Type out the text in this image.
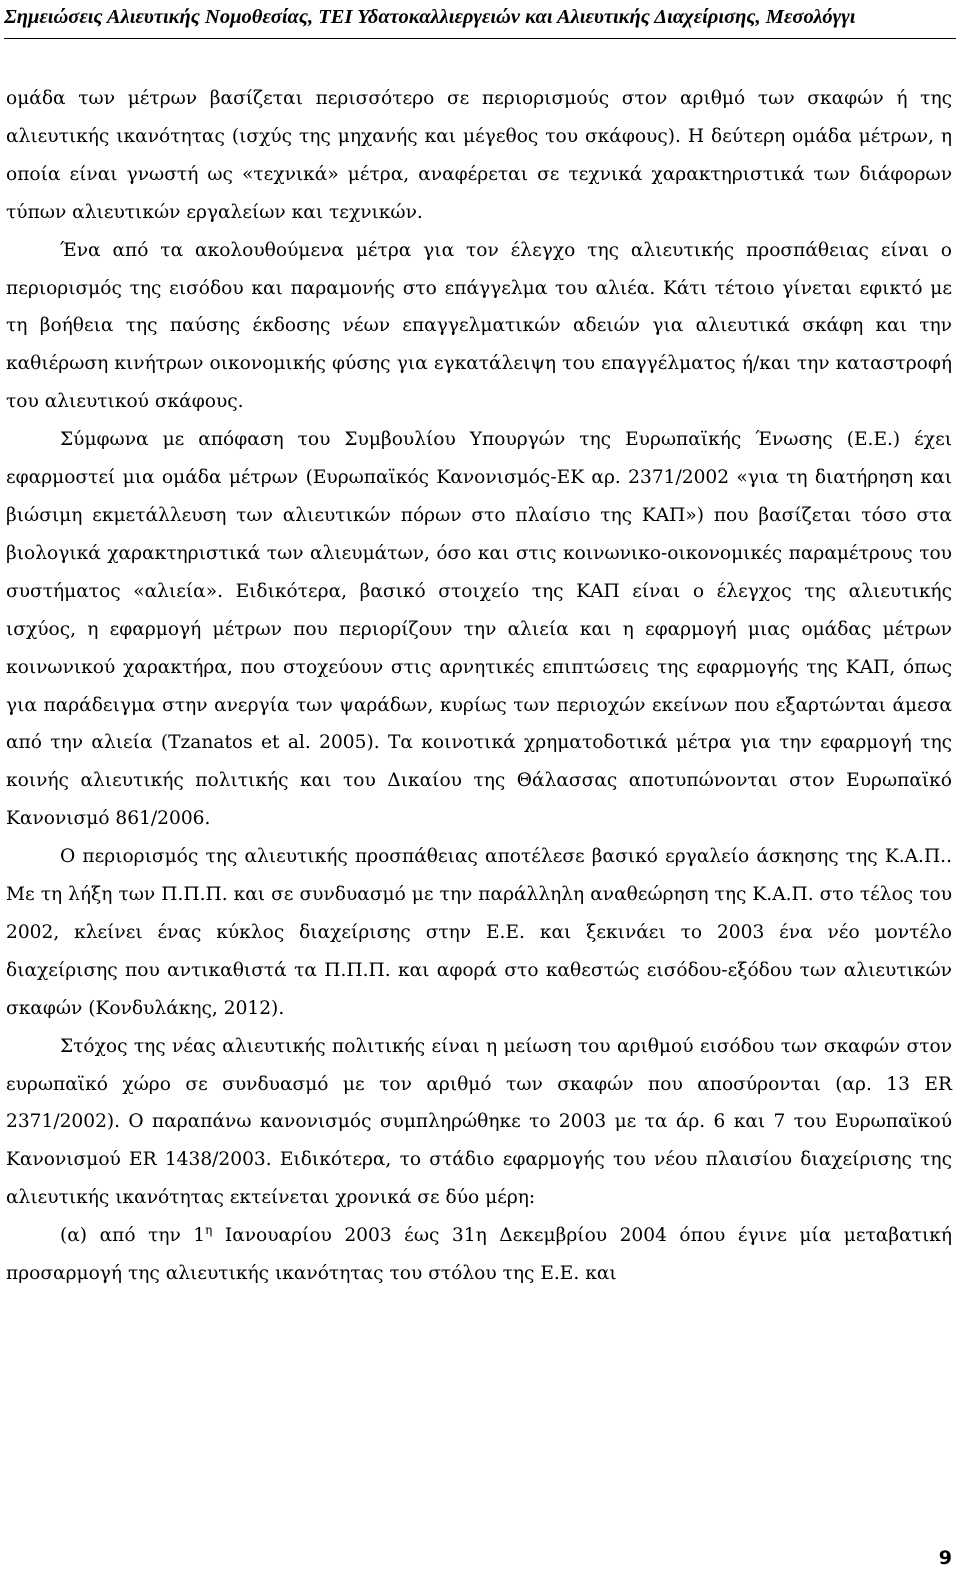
Σημειώσεις Αλιευτικής Νομοθεσίας, ΤΕΙ Υδατοκαλλιεργειών και Αλιευτικής Διαχείρισης, Μεσολόγγι

ομάδα των μέτρων βασίζεται περισσότερο σε περιορισμούς στον αριθμό των σκαφών ή της αλιευτικής ικανότητας (ισχύς της μηχανής και μέγεθος του σκάφους). Η δεύτερη ομάδα μέτρων, η οποία είναι γνωστή ως «τεχνικά» μέτρα, αναφέρεται σε τεχνικά χαρακτηριστικά των διάφορων τύπων αλιευτικών εργαλείων και τεχνικών.

Ένα από τα ακολουθούμενα μέτρα για τον έλεγχο της αλιευτικής προσπάθειας είναι ο περιορισμός της εισόδου και παραμονής στο επάγγελμα του αλιέα. Κάτι τέτοιο γίνεται εφικτό με τη βοήθεια της παύσης έκδοσης νέων επαγγελματικών αδειών για αλιευτικά σκάφη και την καθιέρωση κινήτρων οικονομικής φύσης για εγκατάλειψη του επαγγέλματος ή/και την καταστροφή του αλιευτικού σκάφους.

Σύμφωνα με απόφαση του Συμβουλίου Υπουργών της Ευρωπαϊκής Ένωσης (Ε.Ε.) έχει εφαρμοστεί μια ομάδα μέτρων (Ευρωπαϊκός Κανονισμός-ΕΚ αρ. 2371/2002 «για τη διατήρηση και βιώσιμη εκμετάλλευση των αλιευτικών πόρων στο πλαίσιο της ΚΑΠ») που βασίζεται τόσο στα βιολογικά χαρακτηριστικά των αλιευμάτων, όσο και στις κοινωνικο-οικονομικές παραμέτρους του συστήματος «αλιεία». Ειδικότερα, βασικό στοιχείο της ΚΑΠ είναι ο έλεγχος της αλιευτικής ισχύος, η εφαρμογή μέτρων που περιορίζουν την αλιεία και η εφαρμογή μιας ομάδας μέτρων κοινωνικού χαρακτήρα, που στοχεύουν στις αρνητικές επιπτώσεις της εφαρμογής της ΚΑΠ, όπως για παράδειγμα στην ανεργία των ψαράδων, κυρίως των περιοχών εκείνων που εξαρτώνται άμεσα από την αλιεία (Tzanatos et al. 2005). Τα κοινοτικά χρηματοδοτικά μέτρα για την εφαρμογή της κοινής αλιευτικής πολιτικής και του Δικαίου της Θάλασσας αποτυπώνονται στον Ευρωπαϊκό Κανονισμό 861/2006.

Ο περιορισμός της αλιευτικής προσπάθειας αποτέλεσε βασικό εργαλείο άσκησης της Κ.Α.Π.. Με τη λήξη των Π.Π.Π. και σε συνδυασμό με την παράλληλη αναθεώρηση της Κ.Α.Π. στο τέλος του 2002, κλείνει ένας κύκλος διαχείρισης στην Ε.Ε. και ξεκινάει το 2003 ένα νέο μοντέλο διαχείρισης που αντικαθιστά τα Π.Π.Π. και αφορά στο καθεστώς εισόδου-εξόδου των αλιευτικών σκαφών (Κονδυλάκης, 2012).

Στόχος της νέας αλιευτικής πολιτικής είναι η μείωση του αριθμού εισόδου των σκαφών στον ευρωπαϊκό χώρο σε συνδυασμό με τον αριθμό των σκαφών που αποσύρονται (αρ. 13 ER 2371/2002). Ο παραπάνω κανονισμός συμπληρώθηκε το 2003 με τα άρ. 6 και 7 του Ευρωπαϊκού Κανονισμού ER 1438/2003. Ειδικότερα, το στάδιο εφαρμογής του νέου πλαισίου διαχείρισης της αλιευτικής ικανότητας εκτείνεται χρονικά σε δύο μέρη:

(α) από την $1^\eta$ Ιανουαρίου 2003 έως 31η Δεκεμβρίου 2004 όπου έγινε μία μεταβατική προσαρμογή της αλιευτικής ικανότητας του στόλου της Ε.Ε. και

9
